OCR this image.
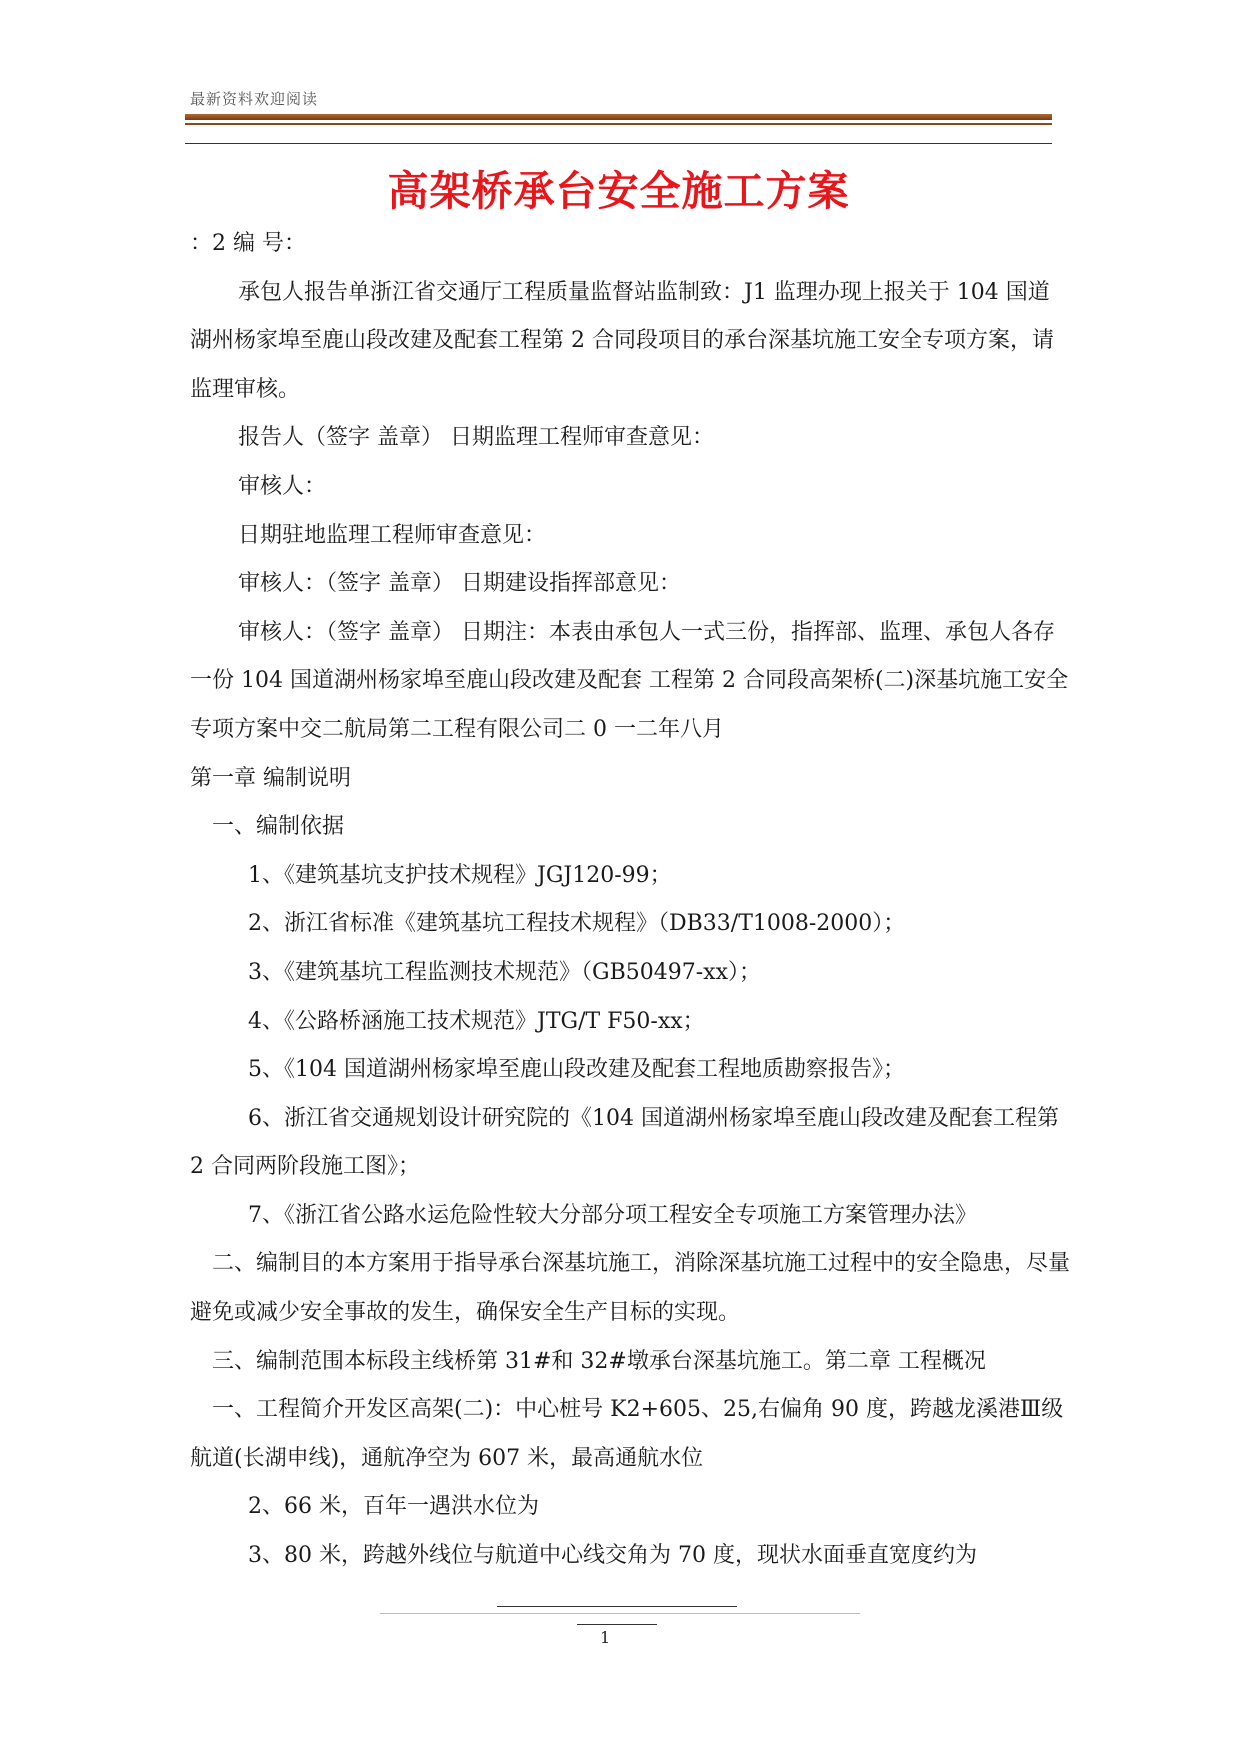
最新资料欢迎阅读
高架桥承台安全施工方案

：2 编 号：

承包人报告单浙江省交通厅工程质量监督站监制致：J1 监理办现上报关于 104 国道湖州杨家埠至鹿山段改建及配套工程第 2 合同段项目的承台深基坑施工安全专项方案，请监理审核。

报告人（签字 盖章） 日期监理工程师审查意见：

审核人：

日期驻地监理工程师审查意见：

审核人：（签字 盖章） 日期建设指挥部意见：

审核人：（签字 盖章） 日期注：本表由承包人一式三份，指挥部、监理、承包人各存一份 104 国道湖州杨家埠至鹿山段改建及配套 工程第 2 合同段高架桥(二)深基坑施工安全专项方案中交二航局第二工程有限公司二 0 一二年八月

第一章 编制说明

一、编制依据

1、《建筑基坑支护技术规程》JGJ120-99；

2、浙江省标准《建筑基坑工程技术规程》（DB33/T1008-2000）；

3、《建筑基坑工程监测技术规范》（GB50497-xx）；

4、《公路桥涵施工技术规范》JTG/T F50-xx；

5、《104 国道湖州杨家埠至鹿山段改建及配套工程地质勘察报告》；

6、浙江省交通规划设计研究院的《104 国道湖州杨家埠至鹿山段改建及配套工程第 2 合同两阶段施工图》；

7、《浙江省公路水运危险性较大分部分项工程安全专项施工方案管理办法》

二、编制目的本方案用于指导承台深基坑施工，消除深基坑施工过程中的安全隐患，尽量避免或减少安全事故的发生，确保安全生产目标的实现。

三、编制范围本标段主线桥第 31#和 32#墩承台深基坑施工。第二章 工程概况

一、工程简介开发区高架(二)：中心桩号 K2+605、25,右偏角 90 度，跨越龙溪港Ⅲ级航道(长湖申线)，通航净空为 607 米，最高通航水位

2、66 米，百年一遇洪水位为

3、80 米，跨越外线位与航道中心线交角为 70 度，现状水面垂直宽度约为

1
